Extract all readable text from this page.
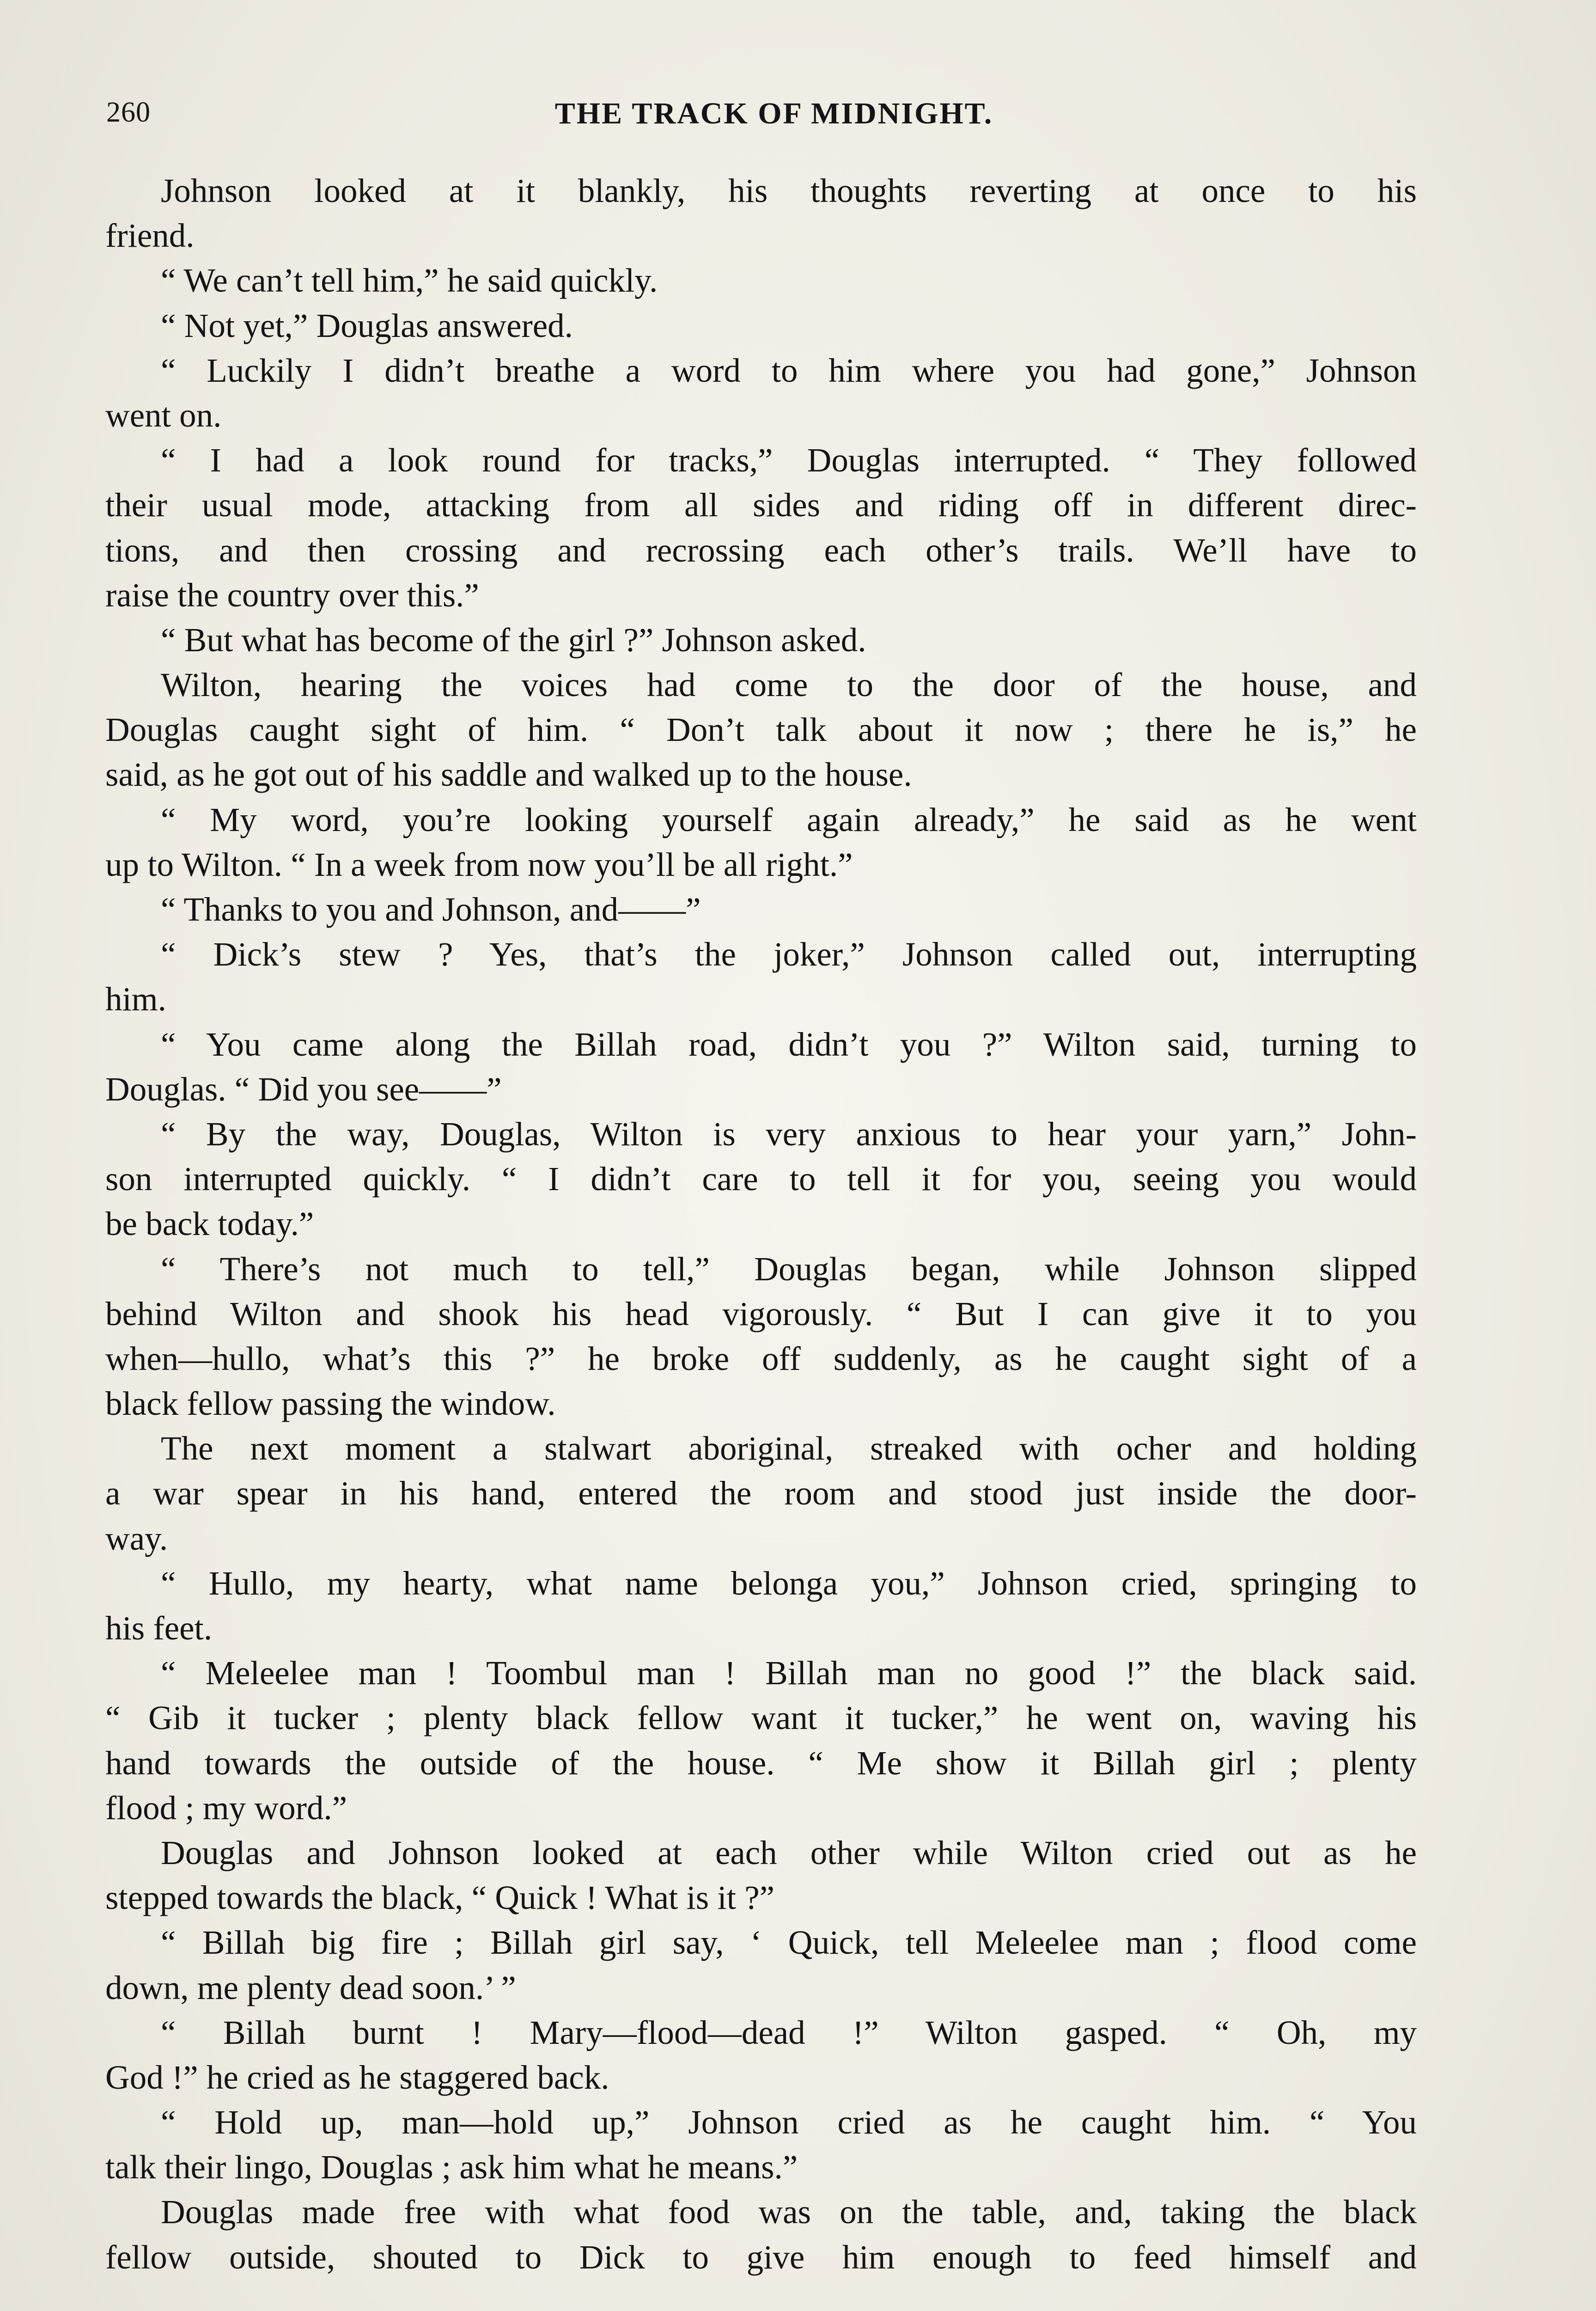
260	THE TRACK OF MIDNIGHT.
Johnson looked at it blankly, his thoughts reverting at once to his
friend.
“ We can’t tell him,” he said quickly.
“ Not yet,” Douglas answered.
“ Luckily I didn’t breathe a word to him where you had gone,” Johnson
went on.
“ I had a look round for tracks,” Douglas interrupted. “ They followed
their usual mode, attacking from all sides and riding off in different direc-
tions, and then crossing and recrossing each other’s trails. We’ll have to
raise the country over this.”
“ But what has become of the girl ?” Johnson asked.
Wilton, hearing the voices had come to the door of the house, and
Douglas caught sight of him. “ Don’t talk about it now ; there he is,” he
said, as he got out of his saddle and walked up to the house.
“ My word, you’re looking yourself again already,” he said as he went
up to Wilton. “ In a week from now you’ll be all right.”
“ Thanks to you and Johnson, and——”
“ Dick’s stew ? Yes, that’s the joker,” Johnson called out, interrupting
him.
“ You came along the Billah road, didn’t you ?” Wilton said, turning to
Douglas. “ Did you see——”
“ By the way, Douglas, Wilton is very anxious to hear your yarn,” John-
son interrupted quickly. “ I didn’t care to tell it for you, seeing you would
be back today.”
“ There’s not much to tell,” Douglas began, while Johnson slipped
behind Wilton and shook his head vigorously. “ But I can give it to you
when—hullo, what’s this ?” he broke off suddenly, as he caught sight of a
black fellow passing the window.
The next moment a stalwart aboriginal, streaked with ocher and holding
a war spear in his hand, entered the room and stood just inside the door-
way.
“ Hullo, my hearty, what name belonga you,” Johnson cried, springing to
his feet.
“ Meleelee man ! Toombul man ! Billah man no good !” the black said.
“ Gib it tucker ; plenty black fellow want it tucker,” he went on, waving his
hand towards the outside of the house. “ Me show it Billah girl ; plenty
flood ; my word.”
Douglas and Johnson looked at each other while Wilton cried out as he
stepped towards the black, “ Quick ! What is it ?”
“ Billah big fire ; Billah girl say, ‘ Quick, tell Meleelee man ; flood come
down, me plenty dead soon.’ ”
“ Billah burnt ! Mary—flood—dead !” Wilton gasped. “ Oh, my
God !” he cried as he staggered back.
“ Hold up, man—hold up,” Johnson cried as he caught him. “ You
talk their lingo, Douglas ; ask him what he means.”
Douglas made free with what food was on the table, and, taking the black
fellow outside, shouted to Dick to give him enough to feed himself and
